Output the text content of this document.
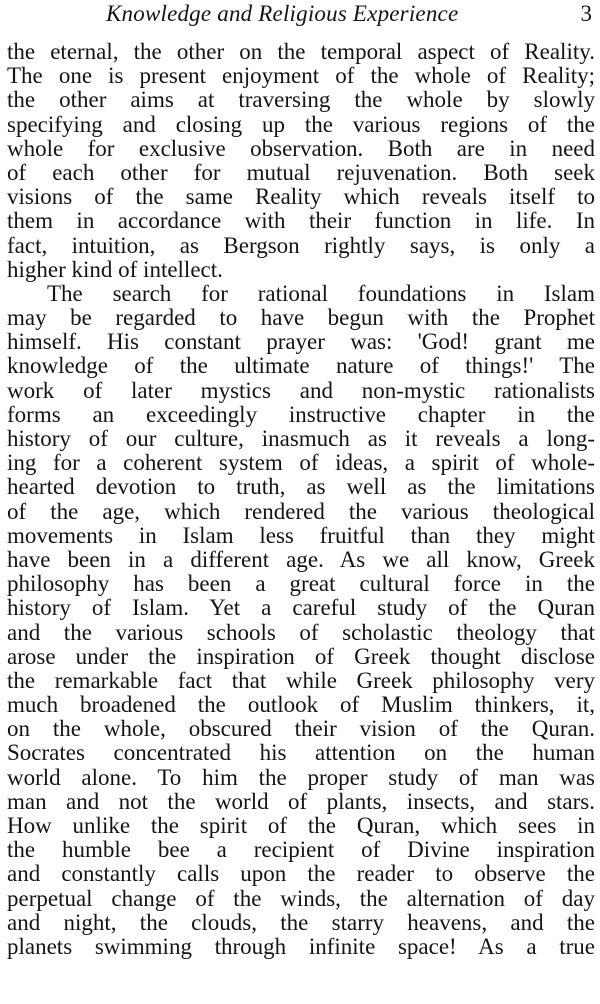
Knowledge and Religious Experience	3
the eternal, the other on the temporal aspect of Reality.
The one is present enjoyment of the whole of Reality;
the other aims at traversing the whole by slowly
specifying and closing up the various regions of the
whole for exclusive observation. Both are in need
of each other for mutual rejuvenation. Both seek
visions of the same Reality which reveals itself to
them in accordance with their function in life. In
fact, intuition, as Bergson rightly says, is only a
higher kind of intellect.
The search for rational foundations in Islam
may be regarded to have begun with the Prophet
himself. His constant prayer was: 'God! grant me
knowledge of the ultimate nature of things!' The
work of later mystics and non-mystic rationalists
forms an exceedingly instructive chapter in the
history of our culture, inasmuch as it reveals a long-
ing for a coherent system of ideas, a spirit of whole-
hearted devotion to truth, as well as the limitations
of the age, which rendered the various theological
movements in Islam less fruitful than they might
have been in a different age. As we all know, Greek
philosophy has been a great cultural force in the
history of Islam. Yet a careful study of the Quran
and the various schools of scholastic theology that
arose under the inspiration of Greek thought disclose
the remarkable fact that while Greek philosophy very
much broadened the outlook of Muslim thinkers, it,
on the whole, obscured their vision of the Quran.
Socrates concentrated his attention on the human
world alone. To him the proper study of man was
man and not the world of plants, insects, and stars.
How unlike the spirit of the Quran, which sees in
the humble bee a recipient of Divine inspiration
and constantly calls upon the reader to observe the
perpetual change of the winds, the alternation of day
and night, the clouds, the starry heavens, and the
planets swimming through infinite space! As a true
